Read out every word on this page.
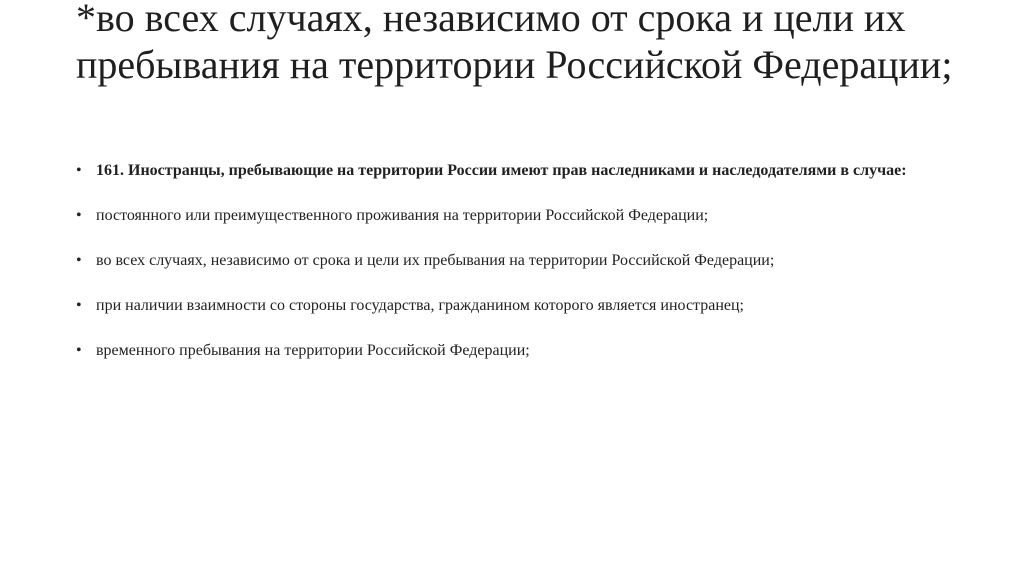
*во всех случаях, независимо от срока и цели их пребывания на территории Российской Федерации;
• 161. Иностранцы, пребывающие на территории России имеют прав наследниками и наследодателями в случае:
• постоянного или преимущественного проживания на территории Российской Федерации;
• во всех случаях, независимо от срока и цели их пребывания на территории Российской Федерации;
• при наличии взаимности со стороны государства, гражданином которого является иностранец;
• временного пребывания на территории Российской Федерации;
